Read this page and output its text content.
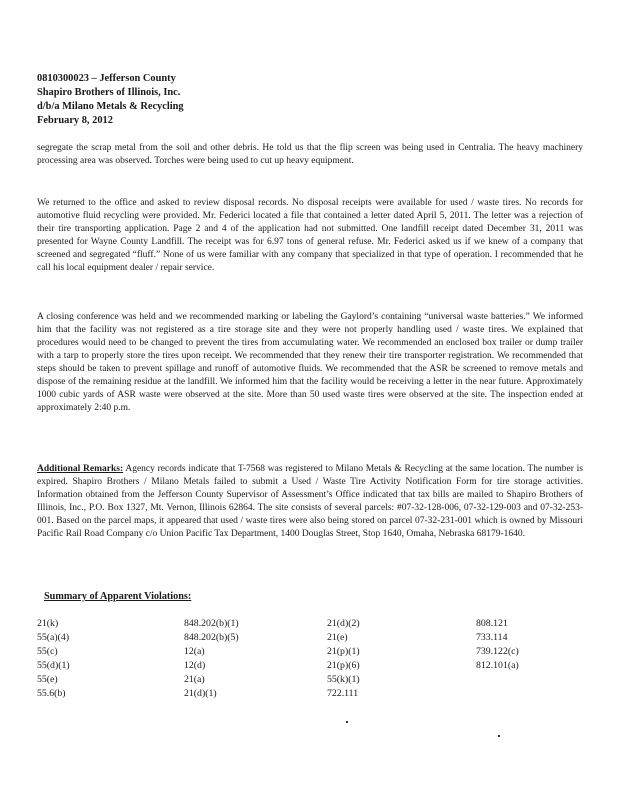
0810300023 – Jefferson County
Shapiro Brothers of Illinois, Inc.
d/b/a Milano Metals & Recycling
February 8, 2012

segregate the scrap metal from the soil and other debris. He told us that the flip screen was being used in Centralia. The heavy machinery processing area was observed. Torches were being used to cut up heavy equipment.

We returned to the office and asked to review disposal records. No disposal receipts were available for used / waste tires. No records for automotive fluid recycling were provided. Mr. Federici located a file that contained a letter dated April 5, 2011. The letter was a rejection of their tire transporting application. Page 2 and 4 of the application had not submitted. One landfill receipt dated December 31, 2011 was presented for Wayne County Landfill. The receipt was for 6.97 tons of general refuse. Mr. Federici asked us if we knew of a company that screened and segregated “fluff.” None of us were familiar with any company that specialized in that type of operation. I recommended that he call his local equipment dealer / repair service.

A closing conference was held and we recommended marking or labeling the Gaylord’s containing “universal waste batteries.” We informed him that the facility was not registered as a tire storage site and they were not properly handling used / waste tires. We explained that procedures would need to be changed to prevent the tires from accumulating water. We recommended an enclosed box trailer or dump trailer with a tarp to properly store the tires upon receipt. We recommended that they renew their tire transporter registration. We recommended that steps should be taken to prevent spillage and runoff of automotive fluids. We recommended that the ASR be screened to remove metals and dispose of the remaining residue at the landfill. We informed him that the facility would be receiving a letter in the near future. Approximately 1000 cubic yards of ASR waste were observed at the site. More than 50 used waste tires were observed at the site. The inspection ended at approximately 2:40 p.m.

Additional Remarks: Agency records indicate that T-7568 was registered to Milano Metals & Recycling at the same location. The number is expired. Shapiro Brothers / Milano Metals failed to submit a Used / Waste Tire Activity Notification Form for tire storage activities. Information obtained from the Jefferson County Supervisor of Assessment’s Office indicated that tax bills are mailed to Shapiro Brothers of Illinois, Inc., P.O. Box 1327, Mt. Vernon, Illinois 62864. The site consists of several parcels: #07-32-128-006, 07-32-129-003 and 07-32-253-001. Based on the parcel maps, it appeared that used / waste tires were also being stored on parcel 07-32-231-001 which is owned by Missouri Pacific Rail Road Company c/o Union Pacific Tax Department, 1400 Douglas Street, Stop 1640, Omaha, Nebraska 68179-1640.

Summary of Apparent Violations:
21(k)
55(a)(4)
55(c)
55(d)(1)
55(e)
55.6(b)
848.202(b)(1)
848.202(b)(5)
12(a)
12(d)
21(a)
21(d)(1)
21(d)(2)
21(e)
21(p)(1)
21(p)(6)
55(k)(1)
722.111
808.121
733.114
739.122(c)
812.101(a)
